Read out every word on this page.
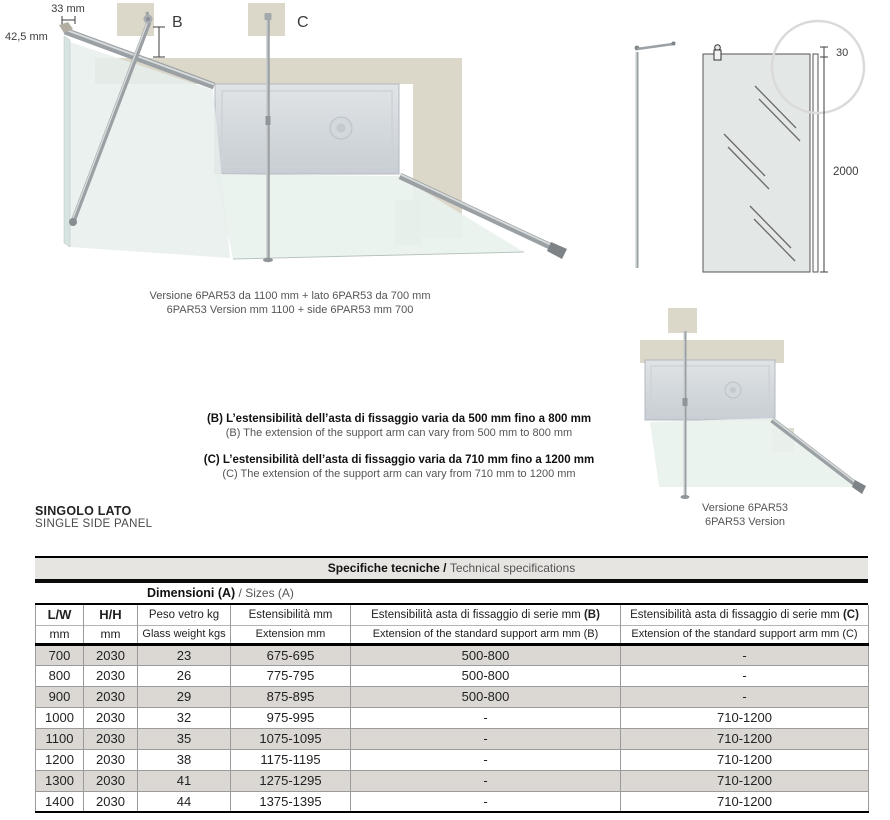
33 mm
42,5 mm
B	C
Versione 6PAR53 da 1100 mm + lato 6PAR53 da 700 mm
6PAR53 Version mm 1100 + side 6PAR53 mm 700
30
2000
Versione 6PAR53
6PAR53 Version
(B) L’estensibilità dell’asta di fissaggio varia da 500 mm fino a 800 mm
(B) The extension of the support arm can vary from 500 mm to 800 mm
(C) L’estensibilità dell’asta di fissaggio varia da 710 mm fino a 1200 mm
(C) The extension of the support arm can vary from 710 mm to 1200 mm
SINGOLO LATO
SINGLE SIDE PANEL
Specifiche tecniche / Technical specifications
Dimensioni (A) / Sizes (A)
L/W	H/H	Peso vetro kg	Estensibilità mm	Estensibilità asta di fissaggio di serie mm (B)	Estensibilità asta di fissaggio di serie mm (C)
mm	mm	Glass weight kgs	Extension mm	Extension of the standard support arm mm (B)	Extension of the standard support arm mm (C)
700	2030	23	675-695	500-800	-
800	2030	26	775-795	500-800	-
900	2030	29	875-895	500-800	-
1000	2030	32	975-995	-	710-1200
1100	2030	35	1075-1095	-	710-1200
1200	2030	38	1175-1195	-	710-1200
1300	2030	41	1275-1295	-	710-1200
1400	2030	44	1375-1395	-	710-1200
